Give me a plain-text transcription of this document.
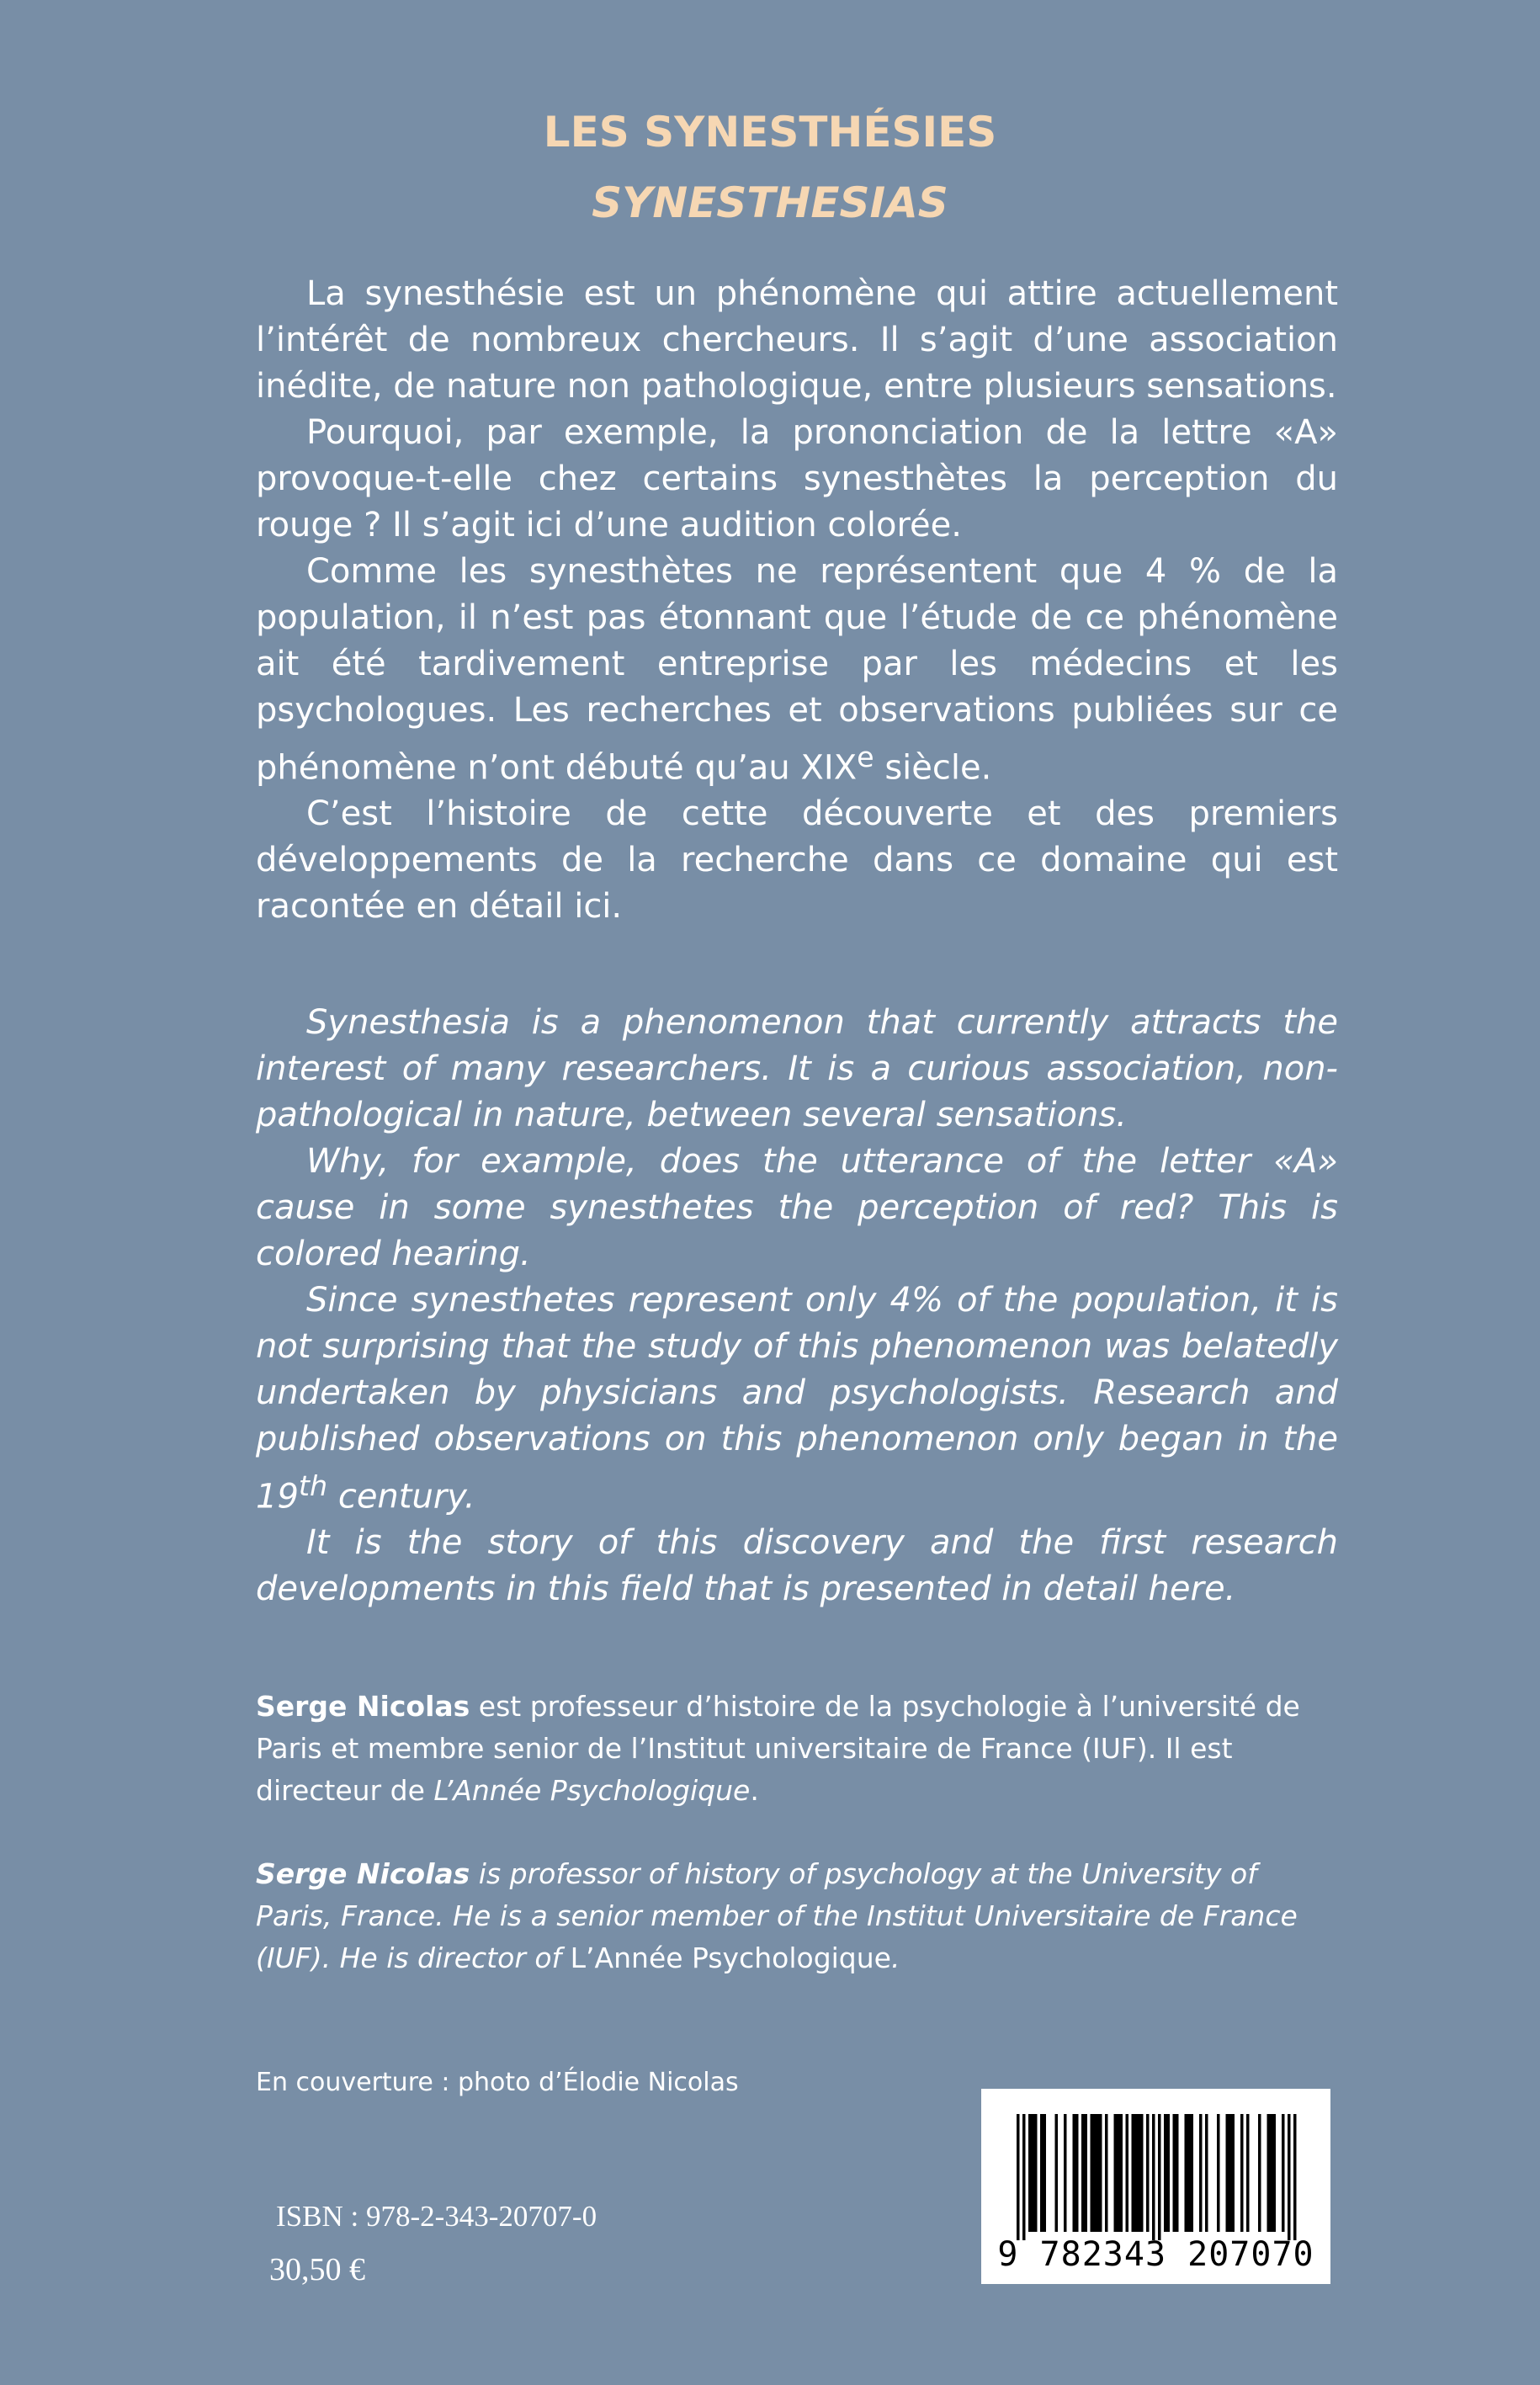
LES SYNESTHÉSIES
SYNESTHESIAS

La synesthésie est un phénomène qui attire actuellement l’intérêt de nombreux chercheurs. Il s’agit d’une association inédite, de nature non pathologique, entre plusieurs sensations.

Pourquoi, par exemple, la prononciation de la lettre «A» provoque-t-elle chez certains synesthètes la perception du rouge ? Il s’agit ici d’une audition colorée.

Comme les synesthètes ne représentent que 4 % de la population, il n’est pas étonnant que l’étude de ce phénomène ait été tardivement entreprise par les médecins et les psychologues. Les recherches et observations publiées sur ce phénomène n’ont débuté qu’au XIXe siècle.

C’est l’histoire de cette découverte et des premiers développements de la recherche dans ce domaine qui est racontée en détail ici.

Synesthesia is a phenomenon that currently attracts the interest of many researchers. It is a curious association, non-pathological in nature, between several sensations.

Why, for example, does the utterance of the letter «A» cause in some synesthetes the perception of red? This is colored hearing.

Since synesthetes represent only 4% of the population, it is not surprising that the study of this phenomenon was belatedly undertaken by physicians and psychologists. Research and published observations on this phenomenon only began in the 19th century.

It is the story of this discovery and the first research developments in this field that is presented in detail here.

Serge Nicolas est professeur d’histoire de la psychologie à l’université de Paris et membre senior de l’Institut universitaire de France (IUF). Il est directeur de L’Année Psychologique.

Serge Nicolas is professor of history of psychology at the University of Paris, France. He is a senior member of the Institut Universitaire de France (IUF). He is director of L’Année Psychologique.

En couverture : photo d’Élodie Nicolas
ISBN : 978-2-343-20707-0
30,50 €	9 782343 207070
